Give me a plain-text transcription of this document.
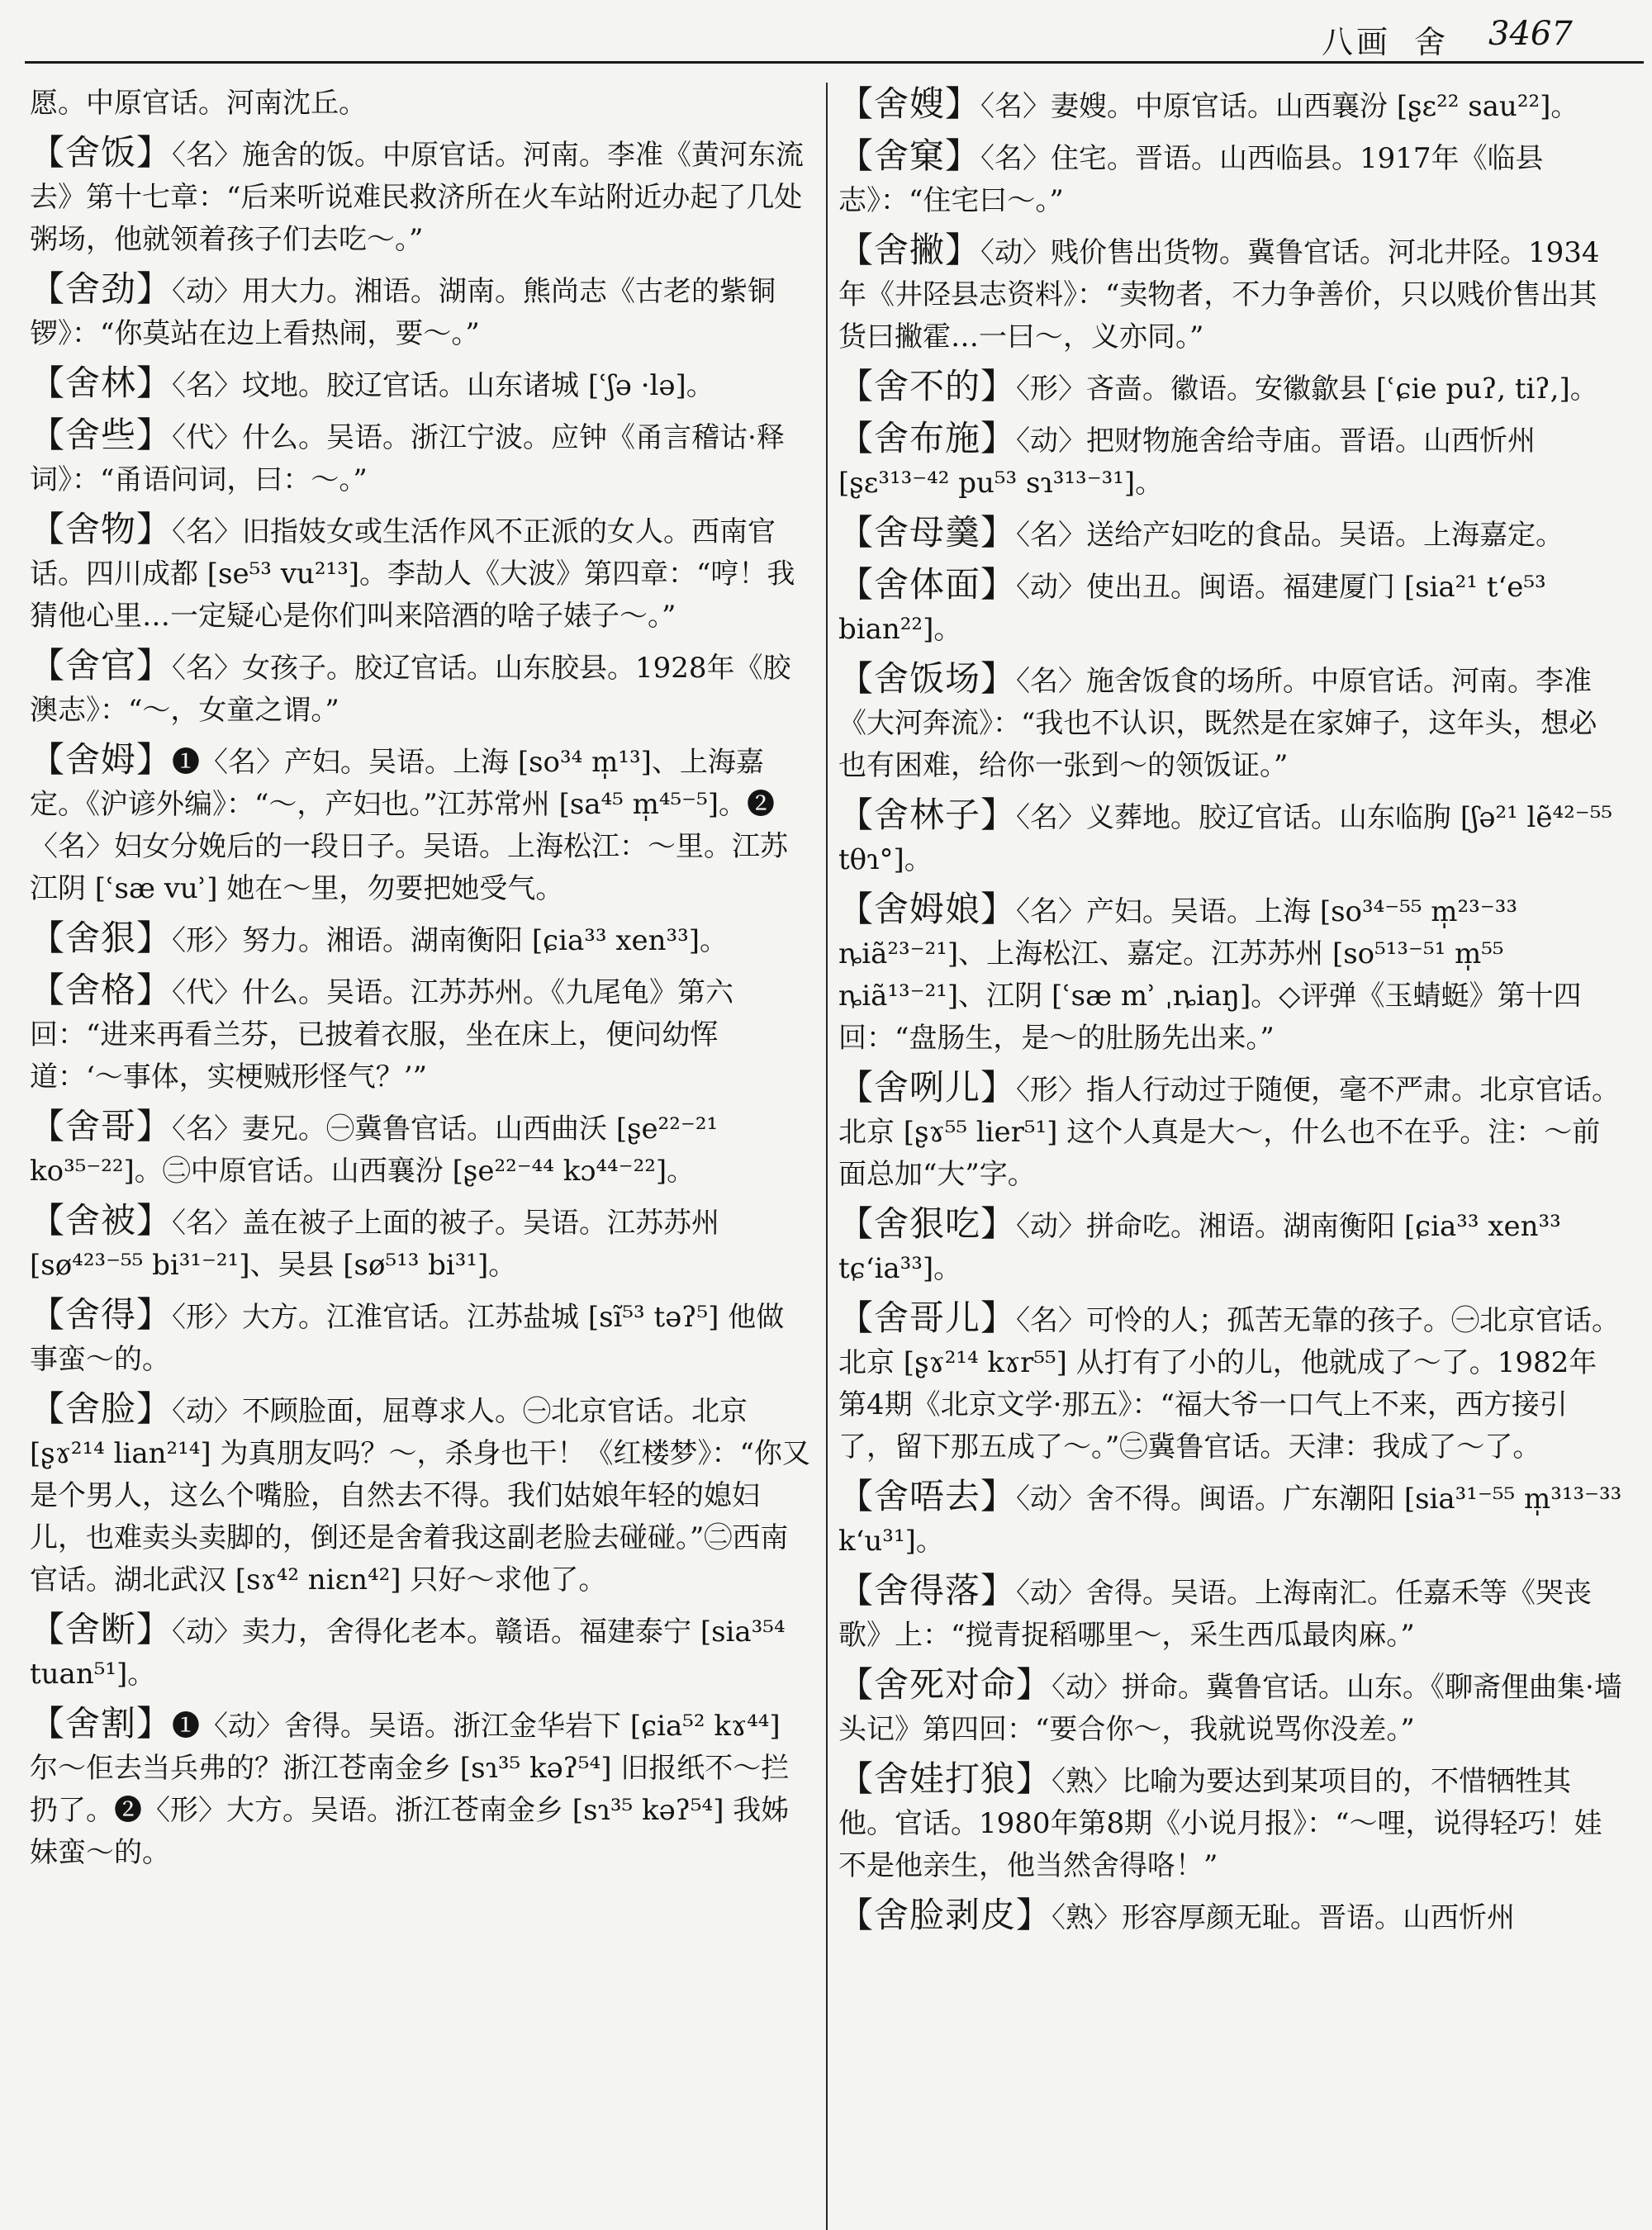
八画 舍 3467

愿。中原官话。河南沈丘。

【舍饭】〈名〉施舍的饭。中原官话。河南。李准《黄河东流去》第十七章：“后来听说难民救济所在火车站附近办起了几处粥场，他就领着孩子们去吃～。”

【舍劲】〈动〉用大力。湘语。湖南。熊尚志《古老的紫铜锣》：“你莫站在边上看热闹，要～。”

【舍林】〈名〉坟地。胶辽官话。山东诸城 [ʿʃə ·lə]。

【舍些】〈代〉什么。吴语。浙江宁波。应钟《甬言稽诂·释词》：“甬语问词，曰：～。”

【舍物】〈名〉旧指妓女或生活作风不正派的女人。西南官话。四川成都 [se⁵³ vu²¹³]。李劼人《大波》第四章：“哼！我猜他心里…一定疑心是你们叫来陪酒的啥子婊子～。”

【舍官】〈名〉女孩子。胶辽官话。山东胶县。1928年《胶澳志》：“～，女童之谓。”

【舍姆】❶〈名〉产妇。吴语。上海 [so³⁴ m̩¹³]、上海嘉定。《沪谚外编》：“～，产妇也。”江苏常州 [sa⁴⁵ m̩⁴⁵⁻⁵]。❷〈名〉妇女分娩后的一段日子。吴语。上海松江：～里。江苏江阴 [ʿsæ vuʾ] 她在～里，勿要把她受气。

【舍狠】〈形〉努力。湘语。湖南衡阳 [ɕia³³ xen³³]。

【舍格】〈代〉什么。吴语。江苏苏州。《九尾龟》第六回：“进来再看兰芬，已披着衣服，坐在床上，便问幼恽道：‘～事体，实梗贼形怪气？’”

【舍哥】〈名〉妻兄。㊀冀鲁官话。山西曲沃 [ʂe²²⁻²¹ ko³⁵⁻²²]。㊁中原官话。山西襄汾 [ʂe²²⁻⁴⁴ kɔ⁴⁴⁻²²]。

【舍被】〈名〉盖在被子上面的被子。吴语。江苏苏州 [sø⁴²³⁻⁵⁵ bi³¹⁻²¹]、吴县 [sø⁵¹³ bi³¹]。

【舍得】〈形〉大方。江淮官话。江苏盐城 [sĩ⁵³ təʔ⁵] 他做事蛮～的。

【舍脸】〈动〉不顾脸面，屈尊求人。㊀北京官话。北京 [ʂɤ²¹⁴ lian²¹⁴] 为真朋友吗？～，杀身也干！《红楼梦》：“你又是个男人，这么个嘴脸，自然去不得。我们姑娘年轻的媳妇儿，也难卖头卖脚的，倒还是舍着我这副老脸去碰碰。”㊁西南官话。湖北武汉 [sɤ⁴² niɛn⁴²] 只好～求他了。

【舍断】〈动〉卖力，舍得化老本。赣语。福建泰宁 [sia³⁵⁴ tuan⁵¹]。

【舍割】❶〈动〉舍得。吴语。浙江金华岩下 [ɕia⁵² kɤ⁴⁴] 尔～佢去当兵弗的？浙江苍南金乡 [sɿ³⁵ kəʔ⁵⁴] 旧报纸不～拦扔了。❷〈形〉大方。吴语。浙江苍南金乡 [sɿ³⁵ kəʔ⁵⁴] 我姊妹蛮～的。

【舍嫂】〈名〉妻嫂。中原官话。山西襄汾 [ʂɛ²² sau²²]。

【舍窠】〈名〉住宅。晋语。山西临县。1917年《临县志》：“住宅曰～。”

【舍撇】〈动〉贱价售出货物。冀鲁官话。河北井陉。1934年《井陉县志资料》：“卖物者，不力争善价，只以贱价售出其货曰撇霍…一曰～，义亦同。”

【舍不的】〈形〉吝啬。徽语。安徽歙县 [ʿɕie puʔ, tiʔ,]。

【舍布施】〈动〉把财物施舍给寺庙。晋语。山西忻州 [ʂɛ³¹³⁻⁴² pu⁵³ sɿ³¹³⁻³¹]。

【舍母羹】〈名〉送给产妇吃的食品。吴语。上海嘉定。

【舍体面】〈动〉使出丑。闽语。福建厦门 [sia²¹ tʻe⁵³ bian²²]。

【舍饭场】〈名〉施舍饭食的场所。中原官话。河南。李准《大河奔流》：“我也不认识，既然是在家婶子，这年头，想必也有困难，给你一张到～的领饭证。”

【舍林子】〈名〉义葬地。胶辽官话。山东临朐 [ʃə²¹ lẽ⁴²⁻⁵⁵ tθɿ°]。

【舍姆娘】〈名〉产妇。吴语。上海 [so³⁴⁻⁵⁵ m̩²³⁻³³ ȵiã²³⁻²¹]、上海松江、嘉定。江苏苏州 [so⁵¹³⁻⁵¹ m̩⁵⁵ ȵiã¹³⁻²¹]、江阴 [ʿsæ mʾ ˌȵiaŋ]。◇评弹《玉蜻蜓》第十四回：“盘肠生，是～的肚肠先出来。”

【舍咧儿】〈形〉指人行动过于随便，毫不严肃。北京官话。北京 [ʂɤ⁵⁵ lier⁵¹] 这个人真是大～，什么也不在乎。注：～前面总加“大”字。

【舍狠吃】〈动〉拼命吃。湘语。湖南衡阳 [ɕia³³ xen³³ tɕʻia³³]。

【舍哥儿】〈名〉可怜的人；孤苦无靠的孩子。㊀北京官话。北京 [ʂɤ²¹⁴ kɤr⁵⁵] 从打有了小的儿，他就成了～了。1982年第4期《北京文学·那五》：“福大爷一口气上不来，西方接引了，留下那五成了～。”㊁冀鲁官话。天津：我成了～了。

【舍唔去】〈动〉舍不得。闽语。广东潮阳 [sia³¹⁻⁵⁵ m̩³¹³⁻³³ kʻu³¹]。

【舍得落】〈动〉舍得。吴语。上海南汇。任嘉禾等《哭丧歌》上：“搅青捉稻哪里～，采生西瓜最肉麻。”

【舍死对命】〈动〉拼命。冀鲁官话。山东。《聊斋俚曲集·墙头记》第四回：“要合你～，我就说骂你没差。”

【舍娃打狼】〈熟〉比喻为要达到某项目的，不惜牺牲其他。官话。1980年第8期《小说月报》：“～哩，说得轻巧！娃不是他亲生，他当然舍得咯！”

【舍脸剥皮】〈熟〉形容厚颜无耻。晋语。山西忻州
